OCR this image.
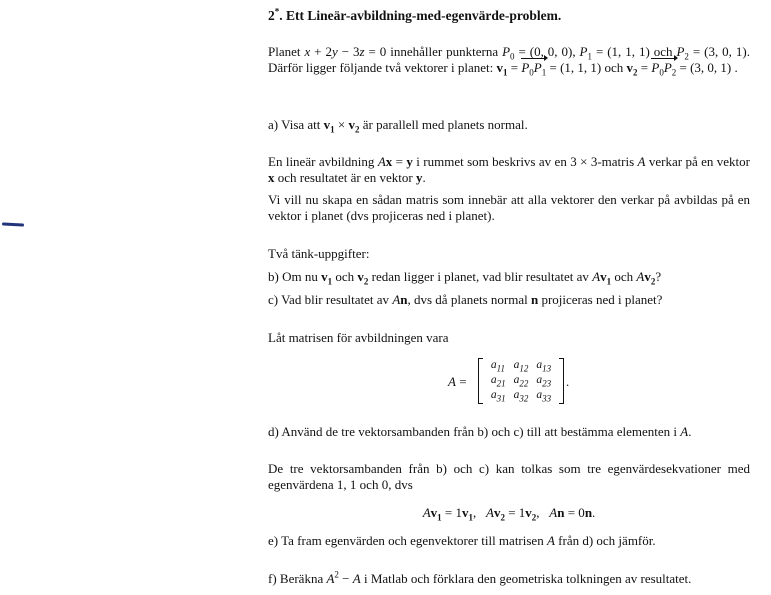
2*. Ett Lineär-avbildning-med-egenvärde-problem.

Planet x + 2y − 3z = 0 innehåller punkterna $P_0 = (0$, 0, 0), $P_1 = (1$, 1, 1) och $P_2 = (3$, 0, 1). Därför ligger följande två vektorer i planet: $v_1 = P_0P_1 = (1$, 1, 1) och $v_2 = P_0P_2 = (3$, 0, 1) .

a) Visa att $v_1 \times v_2$ är parallell med planets normal.
En lineär avbildning Ax = y i rummet som beskrivs av en 3 × 3-matris A verkar på en vektor x och resultatet är en vektor y.
Vi vill nu skapa en sådan matris som innebär att alla vektorer den verkar på avbildas på en vektor i planet (dvs projiceras ned i planet).
Två tänk-uppgifter:
b) Om nu $v_1$ och $v_2$ redan ligger i planet, vad blir resultatet av $Av_1$ och $Av_2$?
c) Vad blir resultatet av An, dvs då planets normal n projiceras ned i planet?
Låt matrisen för avbildningen vara
A =
$a_{11}$	$a_{12}$	$a_{13}$
$a_{21}$	$a_{22}$	$a_{23}$
$a_{31}$	$a_{32}$	$a_{33}$
.
d) Använd de tre vektorsambanden från b) och c) till att bestämma elementen i A.
De tre vektorsambanden från b) och c) kan tolkas som tre egenvärdesekvationer med egenvärdena 1, 1 och 0, dvs
$Av_1 = 1v_1$,   $Av_2 = 1v_2$,   An = 0n.
e) Ta fram egenvärden och egenvektorer till matrisen A från d) och jämför.
f) Beräkna $A^2 - A$ i Matlab och förklara den geometriska tolkningen av resultatet.
